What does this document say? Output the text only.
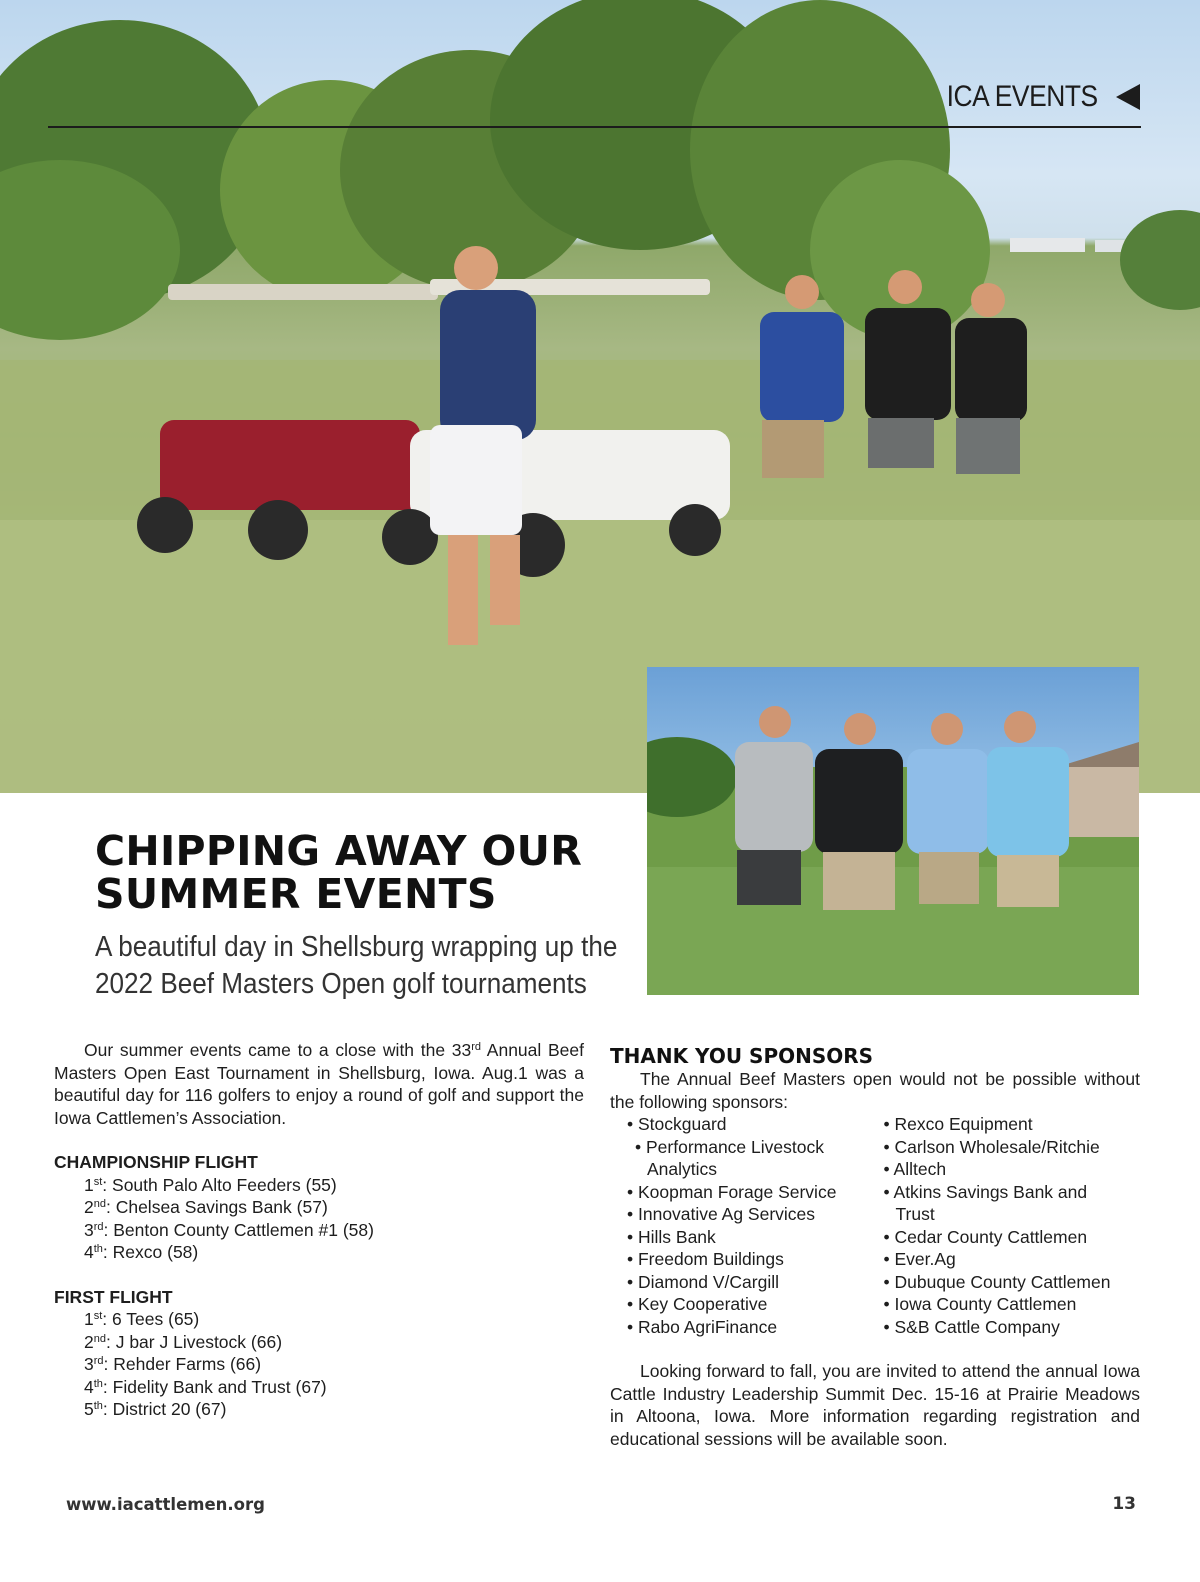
ICA EVENTS
CHIPPING AWAY OUR SUMMER EVENTS
A beautiful day in Shellsburg wrapping up the 2022 Beef Masters Open golf tournaments

Our summer events came to a close with the 33rd Annual Beef Masters Open East Tournament in Shellsburg, Iowa. Aug.1 was a beautiful day for 116 golfers to enjoy a round of golf and support the Iowa Cattlemen’s Association.

CHAMPIONSHIP FLIGHT

1st: South Palo Alto Feeders (55)

2nd: Chelsea Savings Bank (57)

3rd: Benton County Cattlemen #1 (58)

4th: Rexco (58)

FIRST FLIGHT

1st: 6 Tees (65)

2nd: J bar J Livestock (66)

3rd: Rehder Farms (66)

4th: Fidelity Bank and Trust (67)

5th: District 20 (67)

THANK YOU SPONSORS

The Annual Beef Masters open would not be possible without the following sponsors:

• Stockguard

• Performance Livestock Analytics

• Koopman Forage Service

• Innovative Ag Services

• Hills Bank

• Freedom Buildings

• Diamond V/Cargill

• Key Cooperative

• Rabo AgriFinance

• Rexco Equipment

• Carlson Wholesale/Ritchie

• Alltech

• Atkins Savings Bank and Trust

• Cedar County Cattlemen

• Ever.Ag

• Dubuque County Cattlemen

• Iowa County Cattlemen

• S&B Cattle Company

Looking forward to fall, you are invited to attend the annual Iowa Cattle Industry Leadership Summit Dec. 15-16 at Prairie Meadows in Altoona, Iowa. More information regarding registration and educational sessions will be available soon.

www.iacattlemen.org	13
